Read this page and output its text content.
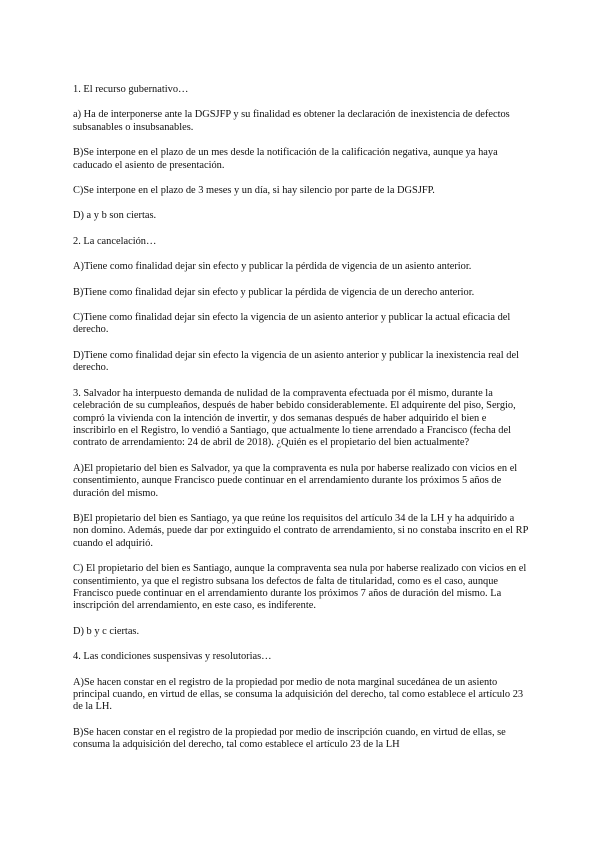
1. El recurso gubernativo…

a) Ha de interponerse ante la DGSJFP y su finalidad es obtener la declaración de inexistencia de defectos subsanables o insubsanables.

B)Se interpone en el plazo de un mes desde la notificación de la calificación negativa, aunque ya haya caducado el asiento de presentación.

C)Se interpone en el plazo de 3 meses y un día, si hay silencio por parte de la DGSJFP.

D) a y b son ciertas.

2. La cancelación…

A)Tiene como finalidad dejar sin efecto y publicar la pérdida de vigencia de un asiento anterior.

B)Tiene como finalidad dejar sin efecto y publicar la pérdida de vigencia de un derecho anterior.

C)Tiene como finalidad dejar sin efecto la vigencia de un asiento anterior y publicar la actual eficacia del derecho.

D)Tiene como finalidad dejar sin efecto la vigencia de un asiento anterior y publicar la inexistencia real del derecho.

3. Salvador ha interpuesto demanda de nulidad de la compraventa efectuada por él mismo, durante la celebración de su cumpleaños, después de haber bebido considerablemente. El adquirente del piso, Sergio, compró la vivienda con la intención de invertir, y dos semanas después de haber adquirido el bien e inscribirlo en el Registro, lo vendió a Santiago, que actualmente lo tiene arrendado a Francisco (fecha del contrato de arrendamiento: 24 de abril de 2018). ¿Quién es el propietario del bien actualmente?

A)El propietario del bien es Salvador, ya que la compraventa es nula por haberse realizado con vicios en el consentimiento, aunque Francisco puede continuar en el arrendamiento durante los próximos 5 años de duración del mismo.

B)El propietario del bien es Santiago, ya que reúne los requisitos del artículo 34 de la LH y ha adquirido a non domino. Además, puede dar por extinguido el contrato de arrendamiento, si no constaba inscrito en el RP cuando el adquirió.

C) El propietario del bien es Santiago, aunque la compraventa sea nula por haberse realizado con vicios en el consentimiento, ya que el registro subsana los defectos de falta de titularidad, como es el caso, aunque Francisco puede continuar en el arrendamiento durante los próximos 7 años de duración del mismo. La inscripción del arrendamiento, en este caso, es indiferente.

D) b y c ciertas.

4. Las condiciones suspensivas y resolutorias…

A)Se hacen constar en el registro de la propiedad por medio de nota marginal sucedánea de un asiento principal cuando, en virtud de ellas, se consuma la adquisición del derecho, tal como establece el artículo 23 de la LH.

B)Se hacen constar en el registro de la propiedad por medio de inscripción cuando, en virtud de ellas, se consuma la adquisición del derecho, tal como establece el artículo 23 de la LH
